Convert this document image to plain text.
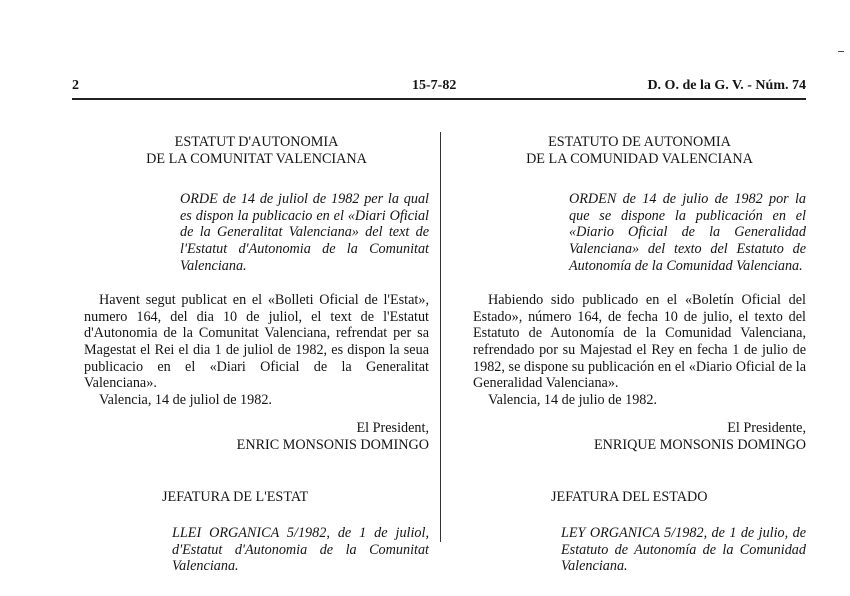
2	15-7-82	D. O. de la G. V. - Núm. 74
ESTATUT D'AUTONOMIA
DE LA COMUNITAT VALENCIANA
ORDE de 14 de juliol de 1982 per la qual es dispon la publicacio en el «Diari Oficial de la Generalitat Valenciana» del text de l'Estatut d'Autonomia de la Comunitat Valenciana.
Havent segut publicat en el «Bolleti Oficial de l'Estat», numero 164, del dia 10 de juliol, el text de l'Estatut d'Autonomia de la Comunitat Valenciana, refrendat per sa Magestat el Rei el dia 1 de juliol de 1982, es dispon la seua publicacio en el «Diari Oficial de la Generalitat Valenciana».
Valencia, 14 de juliol de 1982.
El President,
ENRIC MONSONIS DOMINGO
JEFATURA DE L'ESTAT
LLEI ORGANICA 5/1982, de 1 de juliol, d'Estatut d'Autonomia de la Comunitat Valenciana.
ESTATUTO DE AUTONOMIA
DE LA COMUNIDAD VALENCIANA
ORDEN de 14 de julio de 1982 por la que se dispone la publicación en el «Diario Oficial de la Generalidad Valenciana» del texto del Estatuto de Autonomía de la Comunidad Valenciana.
Habiendo sido publicado en el «Boletín Oficial del Estado», número 164, de fecha 10 de julio, el texto del Estatuto de Autonomía de la Comunidad Valenciana, refrendado por su Majestad el Rey en fecha 1 de julio de 1982, se dispone su publicación en el «Diario Oficial de la Generalidad Valenciana».
Valencia, 14 de julio de 1982.
El Presidente,
ENRIQUE MONSONIS DOMINGO
JEFATURA DEL ESTADO
LEY ORGANICA 5/1982, de 1 de julio, de Estatuto de Autonomía de la Comunidad Valenciana.
